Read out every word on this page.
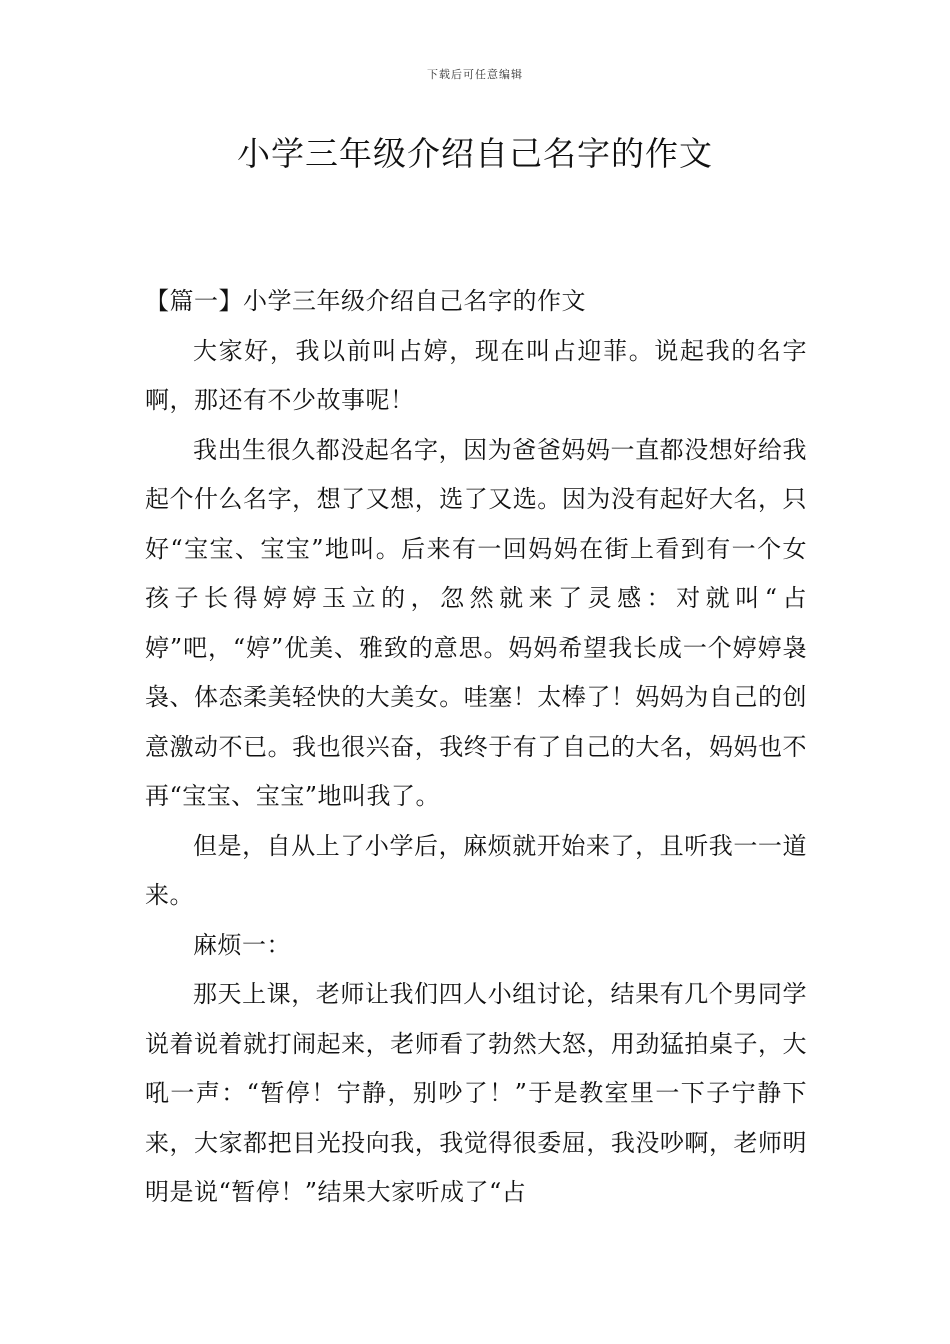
下载后可任意编辑
小学三年级介绍自己名字的作文

【篇一】小学三年级介绍自己名字的作文

大家好，我以前叫占婷，现在叫占迎菲。说起我的名字啊，那还有不少故事呢！

我出生很久都没起名字，因为爸爸妈妈一直都没想好给我起个什么名字，想了又想，选了又选。因为没有起好大名，只好“宝宝、宝宝”地叫。后来有一回妈妈在街上看到有一个女孩子长得婷婷玉立的，忽然就来了灵感：对就叫“占婷”吧，“婷”优美、雅致的意思。妈妈希望我长成一个婷婷袅袅、体态柔美轻快的大美女。哇塞！太棒了！妈妈为自己的创意激动不已。我也很兴奋，我终于有了自己的大名，妈妈也不再“宝宝、宝宝”地叫我了。

但是，自从上了小学后，麻烦就开始来了，且听我一一道来。

麻烦一：

那天上课，老师让我们四人小组讨论，结果有几个男同学说着说着就打闹起来，老师看了勃然大怒，用劲猛拍桌子，大吼一声：“暂停！宁静，别吵了！”于是教室里一下子宁静下来，大家都把目光投向我，我觉得很委屈，我没吵啊，老师明明是说“暂停！”结果大家听成了“占
